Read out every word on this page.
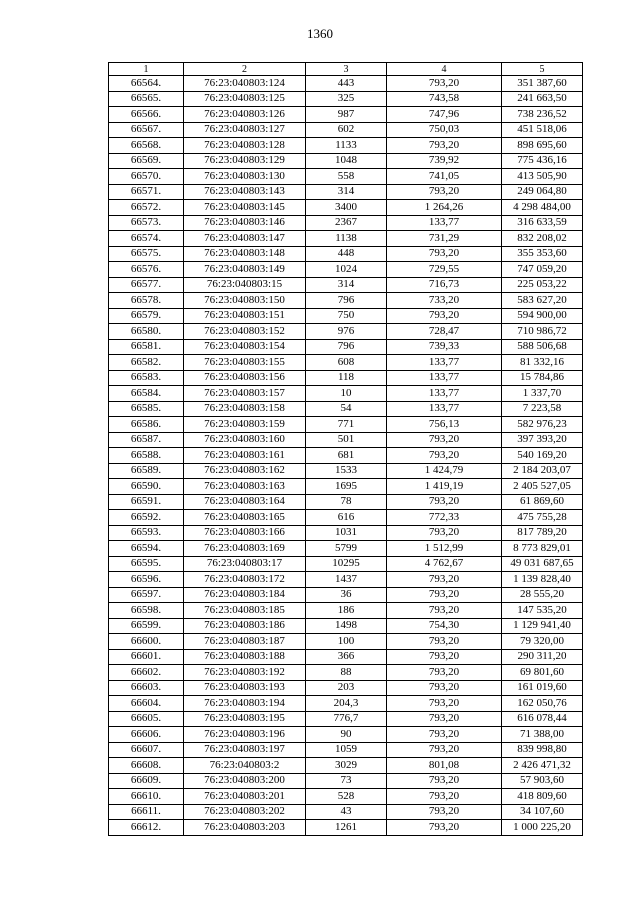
1360
1	2	3	4	5
66564.	76:23:040803:124	443	793,20	351 387,60
66565.	76:23:040803:125	325	743,58	241 663,50
66566.	76:23:040803:126	987	747,96	738 236,52
66567.	76:23:040803:127	602	750,03	451 518,06
66568.	76:23:040803:128	1133	793,20	898 695,60
66569.	76:23:040803:129	1048	739,92	775 436,16
66570.	76:23:040803:130	558	741,05	413 505,90
66571.	76:23:040803:143	314	793,20	249 064,80
66572.	76:23:040803:145	3400	1 264,26	4 298 484,00
66573.	76:23:040803:146	2367	133,77	316 633,59
66574.	76:23:040803:147	1138	731,29	832 208,02
66575.	76:23:040803:148	448	793,20	355 353,60
66576.	76:23:040803:149	1024	729,55	747 059,20
66577.	76:23:040803:15	314	716,73	225 053,22
66578.	76:23:040803:150	796	733,20	583 627,20
66579.	76:23:040803:151	750	793,20	594 900,00
66580.	76:23:040803:152	976	728,47	710 986,72
66581.	76:23:040803:154	796	739,33	588 506,68
66582.	76:23:040803:155	608	133,77	81 332,16
66583.	76:23:040803:156	118	133,77	15 784,86
66584.	76:23:040803:157	10	133,77	1 337,70
66585.	76:23:040803:158	54	133,77	7 223,58
66586.	76:23:040803:159	771	756,13	582 976,23
66587.	76:23:040803:160	501	793,20	397 393,20
66588.	76:23:040803:161	681	793,20	540 169,20
66589.	76:23:040803:162	1533	1 424,79	2 184 203,07
66590.	76:23:040803:163	1695	1 419,19	2 405 527,05
66591.	76:23:040803:164	78	793,20	61 869,60
66592.	76:23:040803:165	616	772,33	475 755,28
66593.	76:23:040803:166	1031	793,20	817 789,20
66594.	76:23:040803:169	5799	1 512,99	8 773 829,01
66595.	76:23:040803:17	10295	4 762,67	49 031 687,65
66596.	76:23:040803:172	1437	793,20	1 139 828,40
66597.	76:23:040803:184	36	793,20	28 555,20
66598.	76:23:040803:185	186	793,20	147 535,20
66599.	76:23:040803:186	1498	754,30	1 129 941,40
66600.	76:23:040803:187	100	793,20	79 320,00
66601.	76:23:040803:188	366	793,20	290 311,20
66602.	76:23:040803:192	88	793,20	69 801,60
66603.	76:23:040803:193	203	793,20	161 019,60
66604.	76:23:040803:194	204,3	793,20	162 050,76
66605.	76:23:040803:195	776,7	793,20	616 078,44
66606.	76:23:040803:196	90	793,20	71 388,00
66607.	76:23:040803:197	1059	793,20	839 998,80
66608.	76:23:040803:2	3029	801,08	2 426 471,32
66609.	76:23:040803:200	73	793,20	57 903,60
66610.	76:23:040803:201	528	793,20	418 809,60
66611.	76:23:040803:202	43	793,20	34 107,60
66612.	76:23:040803:203	1261	793,20	1 000 225,20
